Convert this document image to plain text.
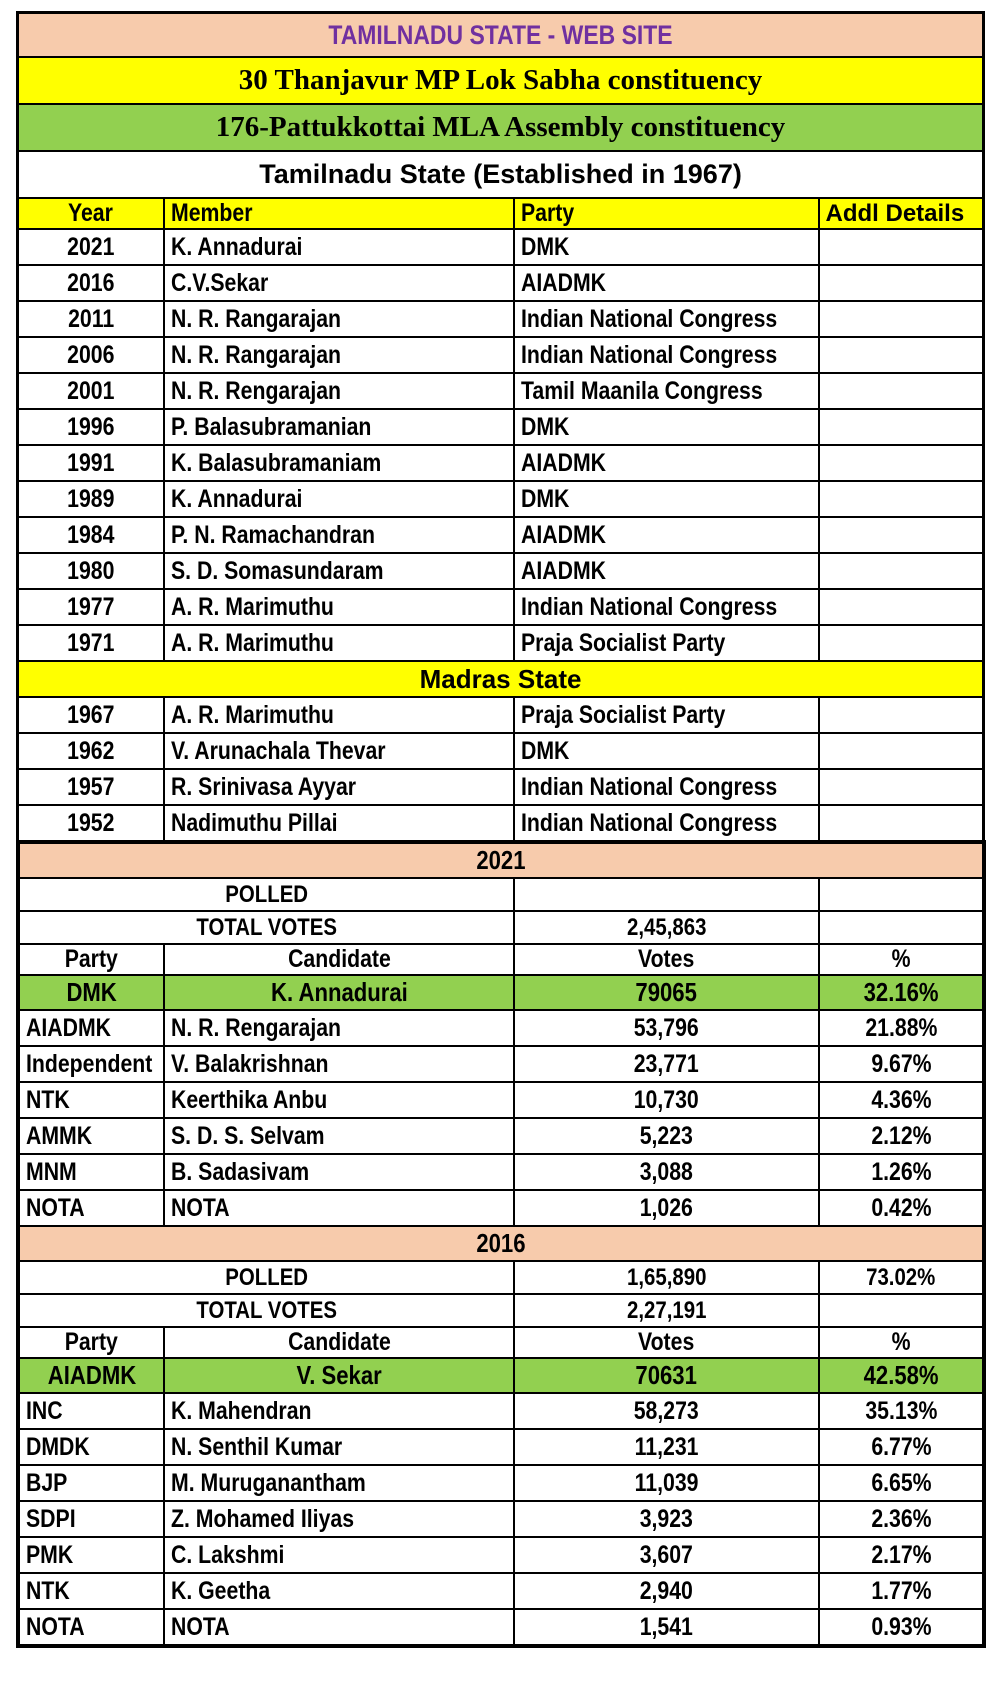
TAMILNADU STATE - WEB SITE			
30 Thanjavur MP Lok Sabha constituency			
176-Pattukkottai MLA Assembly constituency			
Tamilnadu State (Established in 1967)			
Year	Member	Party	Addl Details
2021	K. Annadurai	DMK	
2016	C.V.Sekar	AIADMK	
2011	N. R. Rangarajan	Indian National Congress	
2006	N. R. Rangarajan	Indian National Congress	
2001	N. R. Rengarajan	Tamil Maanila Congress	
1996	P. Balasubramanian	DMK	
1991	K. Balasubramaniam	AIADMK	
1989	K. Annadurai	DMK	
1984	P. N. Ramachandran	AIADMK	
1980	S. D. Somasundaram	AIADMK	
1977	A. R. Marimuthu	Indian National Congress	
1971	A. R. Marimuthu	Praja Socialist Party	
Madras State			
1967	A. R. Marimuthu	Praja Socialist Party	
1962	V. Arunachala Thevar	DMK	
1957	R. Srinivasa Ayyar	Indian National Congress	
1952	Nadimuthu Pillai	Indian National Congress	
2021			
POLLED			
TOTAL VOTES		2,45,863	
Party	Candidate	Votes	%
DMK	K. Annadurai	79065	32.16%
AIADMK	N. R. Rengarajan	53,796	21.88%
Independent	V. Balakrishnan	23,771	9.67%
NTK	Keerthika Anbu	10,730	4.36%
AMMK	S. D. S. Selvam	5,223	2.12%
MNM	B. Sadasivam	3,088	1.26%
NOTA	NOTA	1,026	0.42%
2016			
POLLED		1,65,890	73.02%
TOTAL VOTES		2,27,191	
Party	Candidate	Votes	%
AIADMK	V. Sekar	70631	42.58%
INC	K. Mahendran	58,273	35.13%
DMDK	N. Senthil Kumar	11,231	6.77%
BJP	M. Muruganantham	11,039	6.65%
SDPI	Z. Mohamed Iliyas	3,923	2.36%
PMK	C. Lakshmi	3,607	2.17%
NTK	K. Geetha	2,940	1.77%
NOTA	NOTA	1,541	0.93%
